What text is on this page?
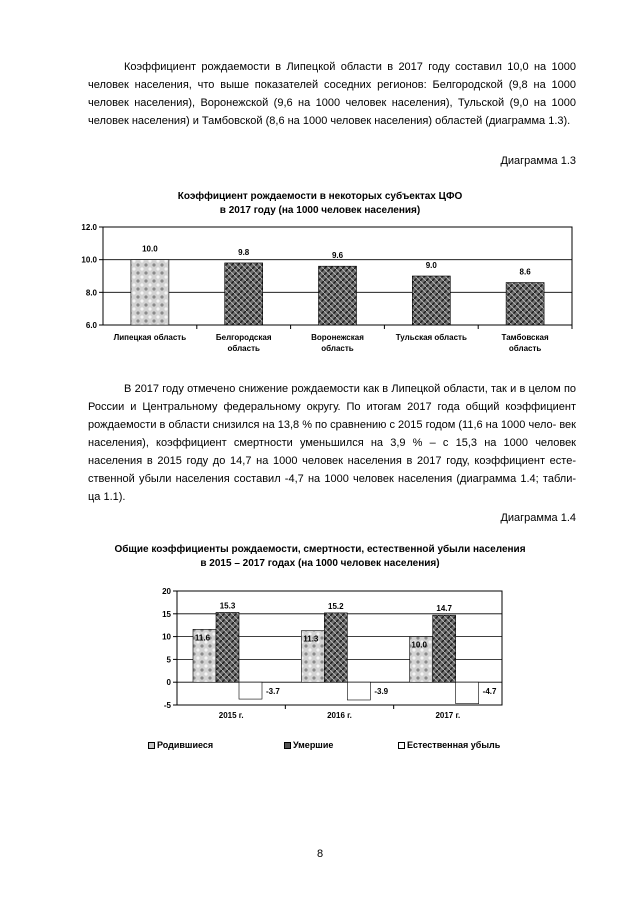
Коэффициент рождаемости в Липецкой области в 2017 году составил 10,0 на 1000 человек населения, что выше показателей соседних регионов: Белгородской (9,8 на 1000 человек населения), Воронежской (9,6 на 1000 человек населения), Тульской (9,0 на 1000 человек населения) и Тамбовской (8,6 на 1000 человек населения) областей (диаграмма 1.3).
Диаграмма 1.3
Коэффициент рождаемости в некоторых субъектах ЦФО
в 2017 году (на 1000 человек населения)
12.0
10.0
8.0
6.0
10.0
Липецкая область
9.8
Белгородская
область
9.6
Воронежская
область
9.0
Тульская область
8.6
Тамбовская
область
В 2017 году отмечено снижение рождаемости как в Липецкой области, так и в целом по России и Центральному федеральному округу. По итогам 2017 года общий коэффициент рождаемости в области снизился на 13,8 % по сравнению с 2015 годом (11,6 на 1000 чело- век населения), коэффициент смертности уменьшился на 3,9 % – с 15,3 на 1000 человек населения в 2015 году до 14,7 на 1000 человек населения в 2017 году, коэффициент есте- ственной убыли населения составил -4,7 на 1000 человек населения (диаграмма 1.4; табли- ца 1.1).
Диаграмма 1.4
Общие коэффициенты рождаемости, смертности, естественной убыли населения
в 2015 – 2017 годах (на 1000 человек населения)
20
15
10
5
0
-5
11.6
15.3
-3.7
2015 г.
11.3
15.2
-3.9
2016 г.
10.0
14.7
-4.7
2017 г.
Родившиеся	Умершие	Естественная убыль
8
